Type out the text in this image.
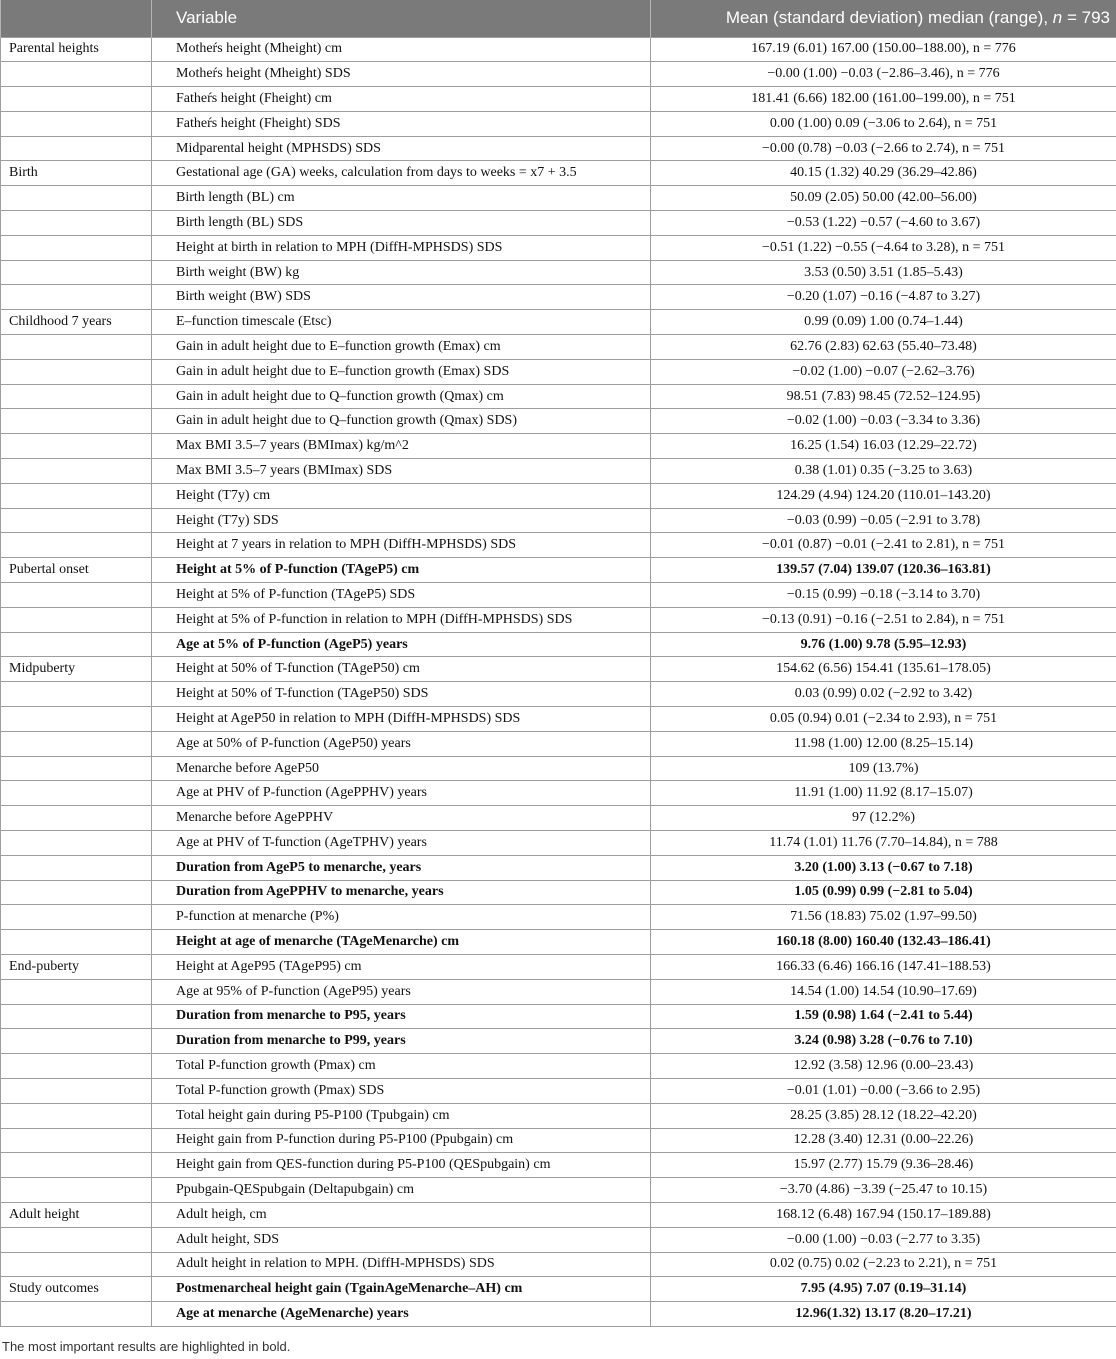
	Variable	Mean (standard deviation) median (range), n = 793
Parental heights	Motheŕs height (Mheight) cm	167.19 (6.01) 167.00 (150.00–188.00), n = 776
	Motheŕs height (Mheight) SDS	−0.00 (1.00) −0.03 (−2.86–3.46), n = 776
	Fatheŕs height (Fheight) cm	181.41 (6.66) 182.00 (161.00–199.00), n = 751
	Fatheŕs height (Fheight) SDS	0.00 (1.00) 0.09 (−3.06 to 2.64), n = 751
	Midparental height (MPHSDS) SDS	−0.00 (0.78) −0.03 (−2.66 to 2.74), n = 751
Birth	Gestational age (GA) weeks, calculation from days to weeks = x7 + 3.5	40.15 (1.32) 40.29 (36.29–42.86)
	Birth length (BL) cm	50.09 (2.05) 50.00 (42.00–56.00)
	Birth length (BL) SDS	−0.53 (1.22) −0.57 (−4.60 to 3.67)
	Height at birth in relation to MPH (DiffH-MPHSDS) SDS	−0.51 (1.22) −0.55 (−4.64 to 3.28), n = 751
	Birth weight (BW) kg	3.53 (0.50) 3.51 (1.85–5.43)
	Birth weight (BW) SDS	−0.20 (1.07) −0.16 (−4.87 to 3.27)
Childhood 7 years	E–function timescale (Etsc)	0.99 (0.09) 1.00 (0.74–1.44)
	Gain in adult height due to E–function growth (Emax) cm	62.76 (2.83) 62.63 (55.40–73.48)
	Gain in adult height due to E–function growth (Emax) SDS	−0.02 (1.00) −0.07 (−2.62–3.76)
	Gain in adult height due to Q–function growth (Qmax) cm	98.51 (7.83) 98.45 (72.52–124.95)
	Gain in adult height due to Q–function growth (Qmax) SDS)	−0.02 (1.00) −0.03 (−3.34 to 3.36)
	Max BMI 3.5–7 years (BMImax) kg/m^2	16.25 (1.54) 16.03 (12.29–22.72)
	Max BMI 3.5–7 years (BMImax) SDS	0.38 (1.01) 0.35 (−3.25 to 3.63)
	Height (T7y) cm	124.29 (4.94) 124.20 (110.01–143.20)
	Height (T7y) SDS	−0.03 (0.99) −0.05 (−2.91 to 3.78)
	Height at 7 years in relation to MPH (DiffH-MPHSDS) SDS	−0.01 (0.87) −0.01 (−2.41 to 2.81), n = 751
Pubertal onset	Height at 5% of P-function (TAgeP5) cm	139.57 (7.04) 139.07 (120.36–163.81)
	Height at 5% of P-function (TAgeP5) SDS	−0.15 (0.99) −0.18 (−3.14 to 3.70)
	Height at 5% of P-function in relation to MPH (DiffH-MPHSDS) SDS	−0.13 (0.91) −0.16 (−2.51 to 2.84), n = 751
	Age at 5% of P-function (AgeP5) years	9.76 (1.00) 9.78 (5.95–12.93)
Midpuberty	Height at 50% of T-function (TAgeP50) cm	154.62 (6.56) 154.41 (135.61–178.05)
	Height at 50% of T-function (TAgeP50) SDS	0.03 (0.99) 0.02 (−2.92 to 3.42)
	Height at AgeP50 in relation to MPH (DiffH-MPHSDS) SDS	0.05 (0.94) 0.01 (−2.34 to 2.93), n = 751
	Age at 50% of P-function (AgeP50) years	11.98 (1.00) 12.00 (8.25–15.14)
	Menarche before AgeP50	109 (13.7%)
	Age at PHV of P-function (AgePPHV) years	11.91 (1.00) 11.92 (8.17–15.07)
	Menarche before AgePPHV	97 (12.2%)
	Age at PHV of T-function (AgeTPHV) years	11.74 (1.01) 11.76 (7.70–14.84), n = 788
	Duration from AgeP5 to menarche, years	3.20 (1.00) 3.13 (−0.67 to 7.18)
	Duration from AgePPHV to menarche, years	1.05 (0.99) 0.99 (−2.81 to 5.04)
	P-function at menarche (P%)	71.56 (18.83) 75.02 (1.97–99.50)
	Height at age of menarche (TAgeMenarche) cm	160.18 (8.00) 160.40 (132.43–186.41)
End-puberty	Height at AgeP95 (TAgeP95) cm	166.33 (6.46) 166.16 (147.41–188.53)
	Age at 95% of P-function (AgeP95) years	14.54 (1.00) 14.54 (10.90–17.69)
	Duration from menarche to P95, years	1.59 (0.98) 1.64 (−2.41 to 5.44)
	Duration from menarche to P99, years	3.24 (0.98) 3.28 (−0.76 to 7.10)
	Total P-function growth (Pmax) cm	12.92 (3.58) 12.96 (0.00–23.43)
	Total P-function growth (Pmax) SDS	−0.01 (1.01) −0.00 (−3.66 to 2.95)
	Total height gain during P5-P100 (Tpubgain) cm	28.25 (3.85) 28.12 (18.22–42.20)
	Height gain from P-function during P5-P100 (Ppubgain) cm	12.28 (3.40) 12.31 (0.00–22.26)
	Height gain from QES-function during P5-P100 (QESpubgain) cm	15.97 (2.77) 15.79 (9.36–28.46)
	Ppubgain-QESpubgain (Deltapubgain) cm	−3.70 (4.86) −3.39 (−25.47 to 10.15)
Adult height	Adult heigh, cm	168.12 (6.48) 167.94 (150.17–189.88)
	Adult height, SDS	−0.00 (1.00) −0.03 (−2.77 to 3.35)
	Adult height in relation to MPH. (DiffH-MPHSDS) SDS	0.02 (0.75) 0.02 (−2.23 to 2.21), n = 751
Study outcomes	Postmenarcheal height gain (TgainAgeMenarche–AH) cm	7.95 (4.95) 7.07 (0.19–31.14)
	Age at menarche (AgeMenarche) years	12.96(1.32) 13.17 (8.20–17.21)
The most important results are highlighted in bold.
